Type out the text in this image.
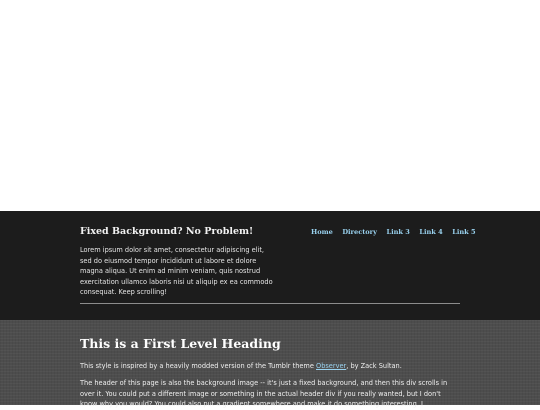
Fixed Background? No Problem!

Lorem ipsum dolor sit amet, consectetur adipiscing elit, sed do eiusmod tempor incididunt ut labore et dolore magna aliqua. Ut enim ad minim veniam, quis nostrud exercitation ullamco laboris nisi ut aliquip ex ea commodo consequat. Keep scrolling!

Home Directory Link 3 Link 4 Link 5
This is a First Level Heading

This style is inspired by a heavily modded version of the Tumblr theme Observer, by Zack Sultan.

The header of this page is also the background image -- it's just a fixed background, and then this div scrolls in over it. You could put a different image or something in the actual header div if you really wanted, but I don't know why you would? You could also put a gradient somewhere and make it do something interesting. I
